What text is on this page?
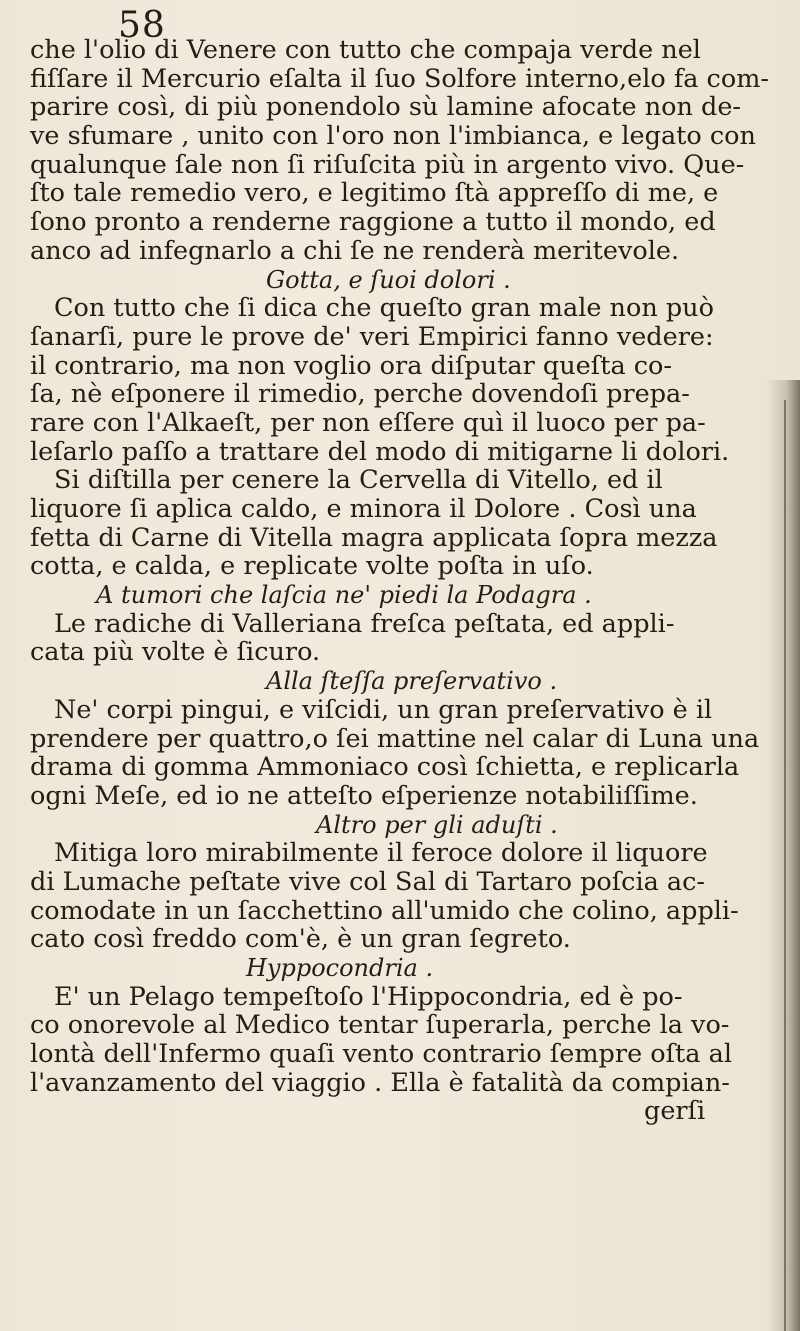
58
che l'olio di Venere con tutto che compaja verde nel
fiſſare il Mercurio eſalta il ſuo Solfore interno,elo fa com-
parire così, di più ponendolo sù lamine afocate non de-
ve sfumare , unito con l'oro non l'imbianca, e legato con
qualunque ſale non ſi riſuſcita più in argento vivo. Que-
ſto tale remedio vero, e legitimo ſtà appreſſo di me, e
ſono pronto a renderne raggione a tutto il mondo, ed
anco ad infegnarlo a chi ſe ne renderà meritevole.
Gotta, e ſuoi dolori .
Con tutto che ſi dica che queſto gran male non può
ſanarſi, pure le prove de' veri Empirici fanno vedere:
il contrario, ma non voglio ora diſputar queſta co-
ſa, nè eſponere il rimedio, perche dovendoſi prepa-
rare con l'Alkaeſt, per non eſſere quì il luoco per pa-
leſarlo paſſo a trattare del modo di mitigarne li dolori.
Si diſtilla per cenere la Cervella di Vitello, ed il
liquore ſi aplica caldo, e minora il Dolore . Così una
fetta di Carne di Vitella magra applicata ſopra mezza
cotta, e calda, e replicate volte poſta in uſo.
A tumori che laſcia ne' piedi la Podagra .
Le radiche di Valleriana freſca peſtata, ed appli-
cata più volte è ſicuro.
Alla ſteſſa preſervativo .
Ne' corpi pingui, e viſcidi, un gran preſervativo è il
prendere per quattro,o ſei mattine nel calar di Luna una
drama di gomma Ammoniaco così ſchietta, e replicarla
ogni Meſe, ed io ne atteſto eſperienze notabiliſſime.
Altro per gli aduſti .
Mitiga loro mirabilmente il feroce dolore il liquore
di Lumache peſtate vive col Sal di Tartaro poſcia ac-
comodate in un ſacchettino all'umido che colino, appli-
cato così freddo com'è, è un gran ſegreto.
Hyppocondria .
E' un Pelago tempeſtoſo l'Hippocondria, ed è po-
co onorevole al Medico tentar ſuperarla, perche la vo-
lontà dell'Infermo quaſi vento contrario ſempre oſta al
l'avanzamento del viaggio . Ella è fatalità da compian-
gerſi
